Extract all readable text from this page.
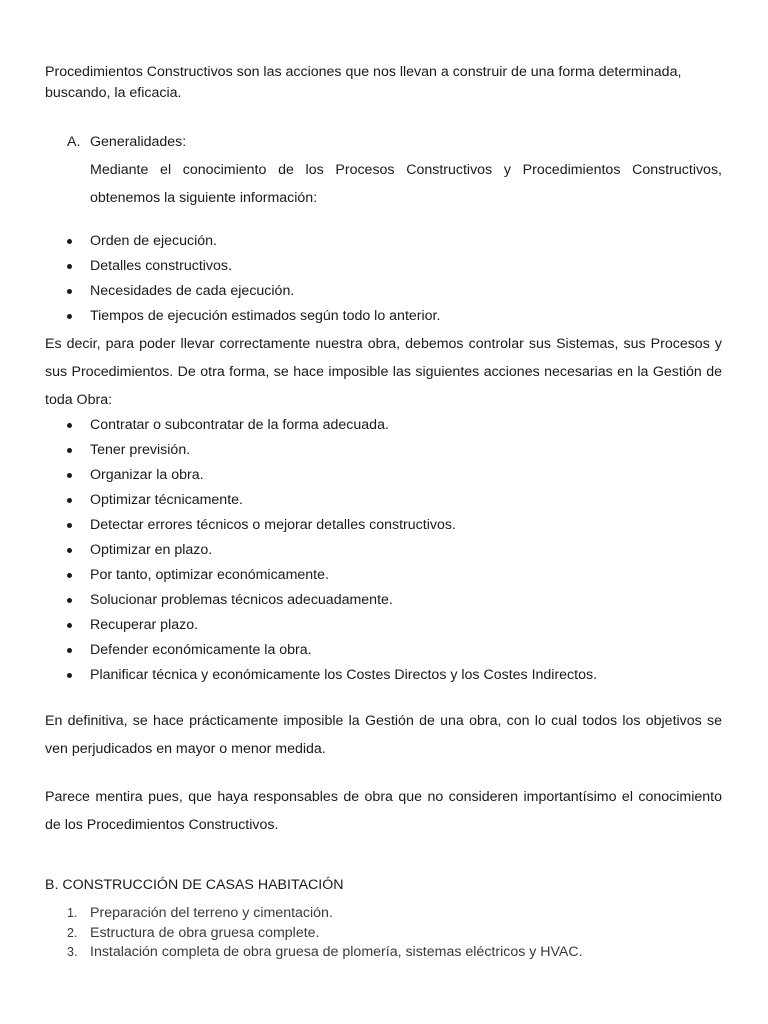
Procedimientos Constructivos son las acciones que nos llevan a construir de una forma determinada, buscando, la eficacia.

A. Generalidades:
Mediante el conocimiento de los Procesos Constructivos y Procedimientos Constructivos, obtenemos la siguiente información:
Orden de ejecución.
Detalles constructivos.
Necesidades de cada ejecución.
Tiempos de ejecución estimados según todo lo anterior.

Es decir, para poder llevar correctamente nuestra obra, debemos controlar sus Sistemas, sus Procesos y sus Procedimientos. De otra forma, se hace imposible las siguientes acciones necesarias en la Gestión de toda Obra:

Contratar o subcontratar de la forma adecuada.
Tener previsión.
Organizar la obra.
Optimizar técnicamente.
Detectar errores técnicos o mejorar detalles constructivos.
Optimizar en plazo.
Por tanto, optimizar económicamente.
Solucionar problemas técnicos adecuadamente.
Recuperar plazo.
Defender económicamente la obra.
Planificar técnica y económicamente los Costes Directos y los Costes Indirectos.

En definitiva, se hace prácticamente imposible la Gestión de una obra, con lo cual todos los objetivos se ven perjudicados en mayor o menor medida.

Parece mentira pues, que haya responsables de obra que no consideren importantísimo el conocimiento de los Procedimientos Constructivos.

B. CONSTRUCCIÓN DE CASAS HABITACIÓN
1. Preparación del terreno y cimentación.
2. Estructura de obra gruesa complete.
3. Instalación completa de obra gruesa de plomería, sistemas eléctricos y HVAC.
